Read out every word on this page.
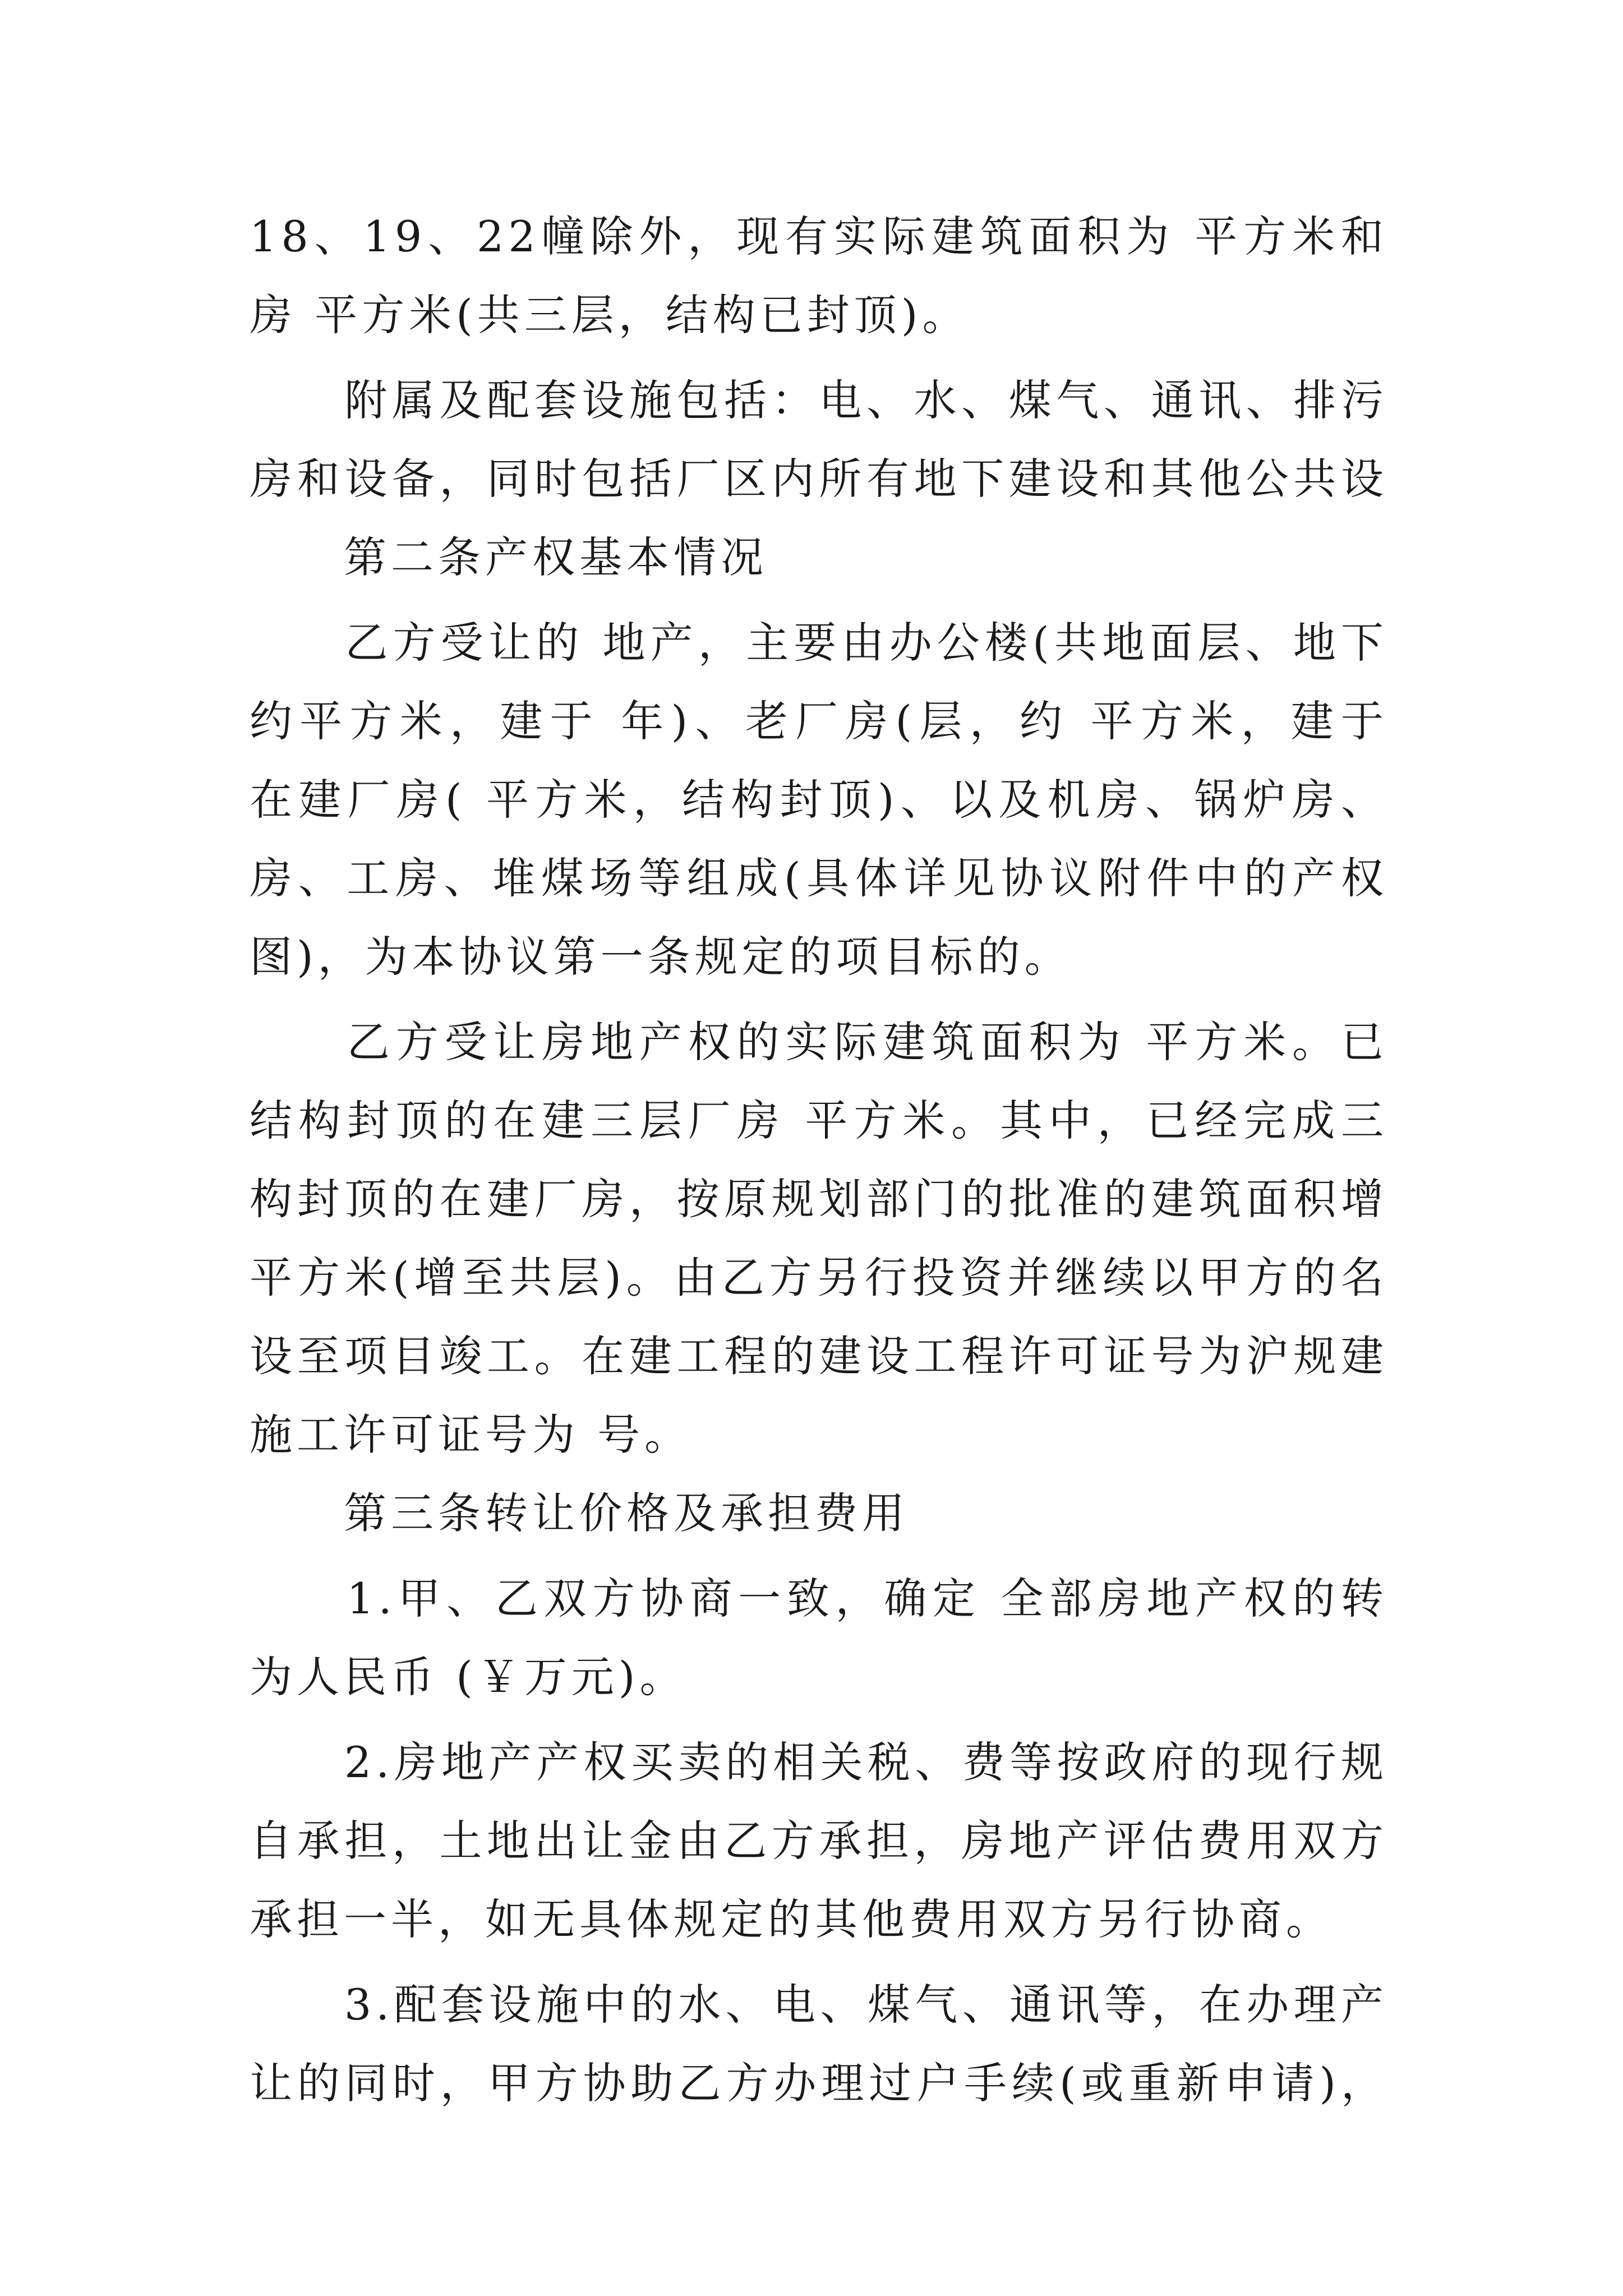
18、19、22幢除外，现有实际建筑面积为 平方米和
房 平方米(共三层，结构已封顶)。
　　附属及配套设施包括：电、水、煤气、通讯、排污
房和设备，同时包括厂区内所有地下建设和其他公共设
　　第二条产权基本情况
　　乙方受让的 地产，主要由办公楼(共地面层、地下
约平方米，建于 年)、老厂房(层，约 平方米，建于
在建厂房( 平方米，结构封顶)、以及机房、锅炉房、
房、工房、堆煤场等组成(具体详见协议附件中的产权
图)，为本协议第一条规定的项目标的。
　　乙方受让房地产权的实际建筑面积为 平方米。已
结构封顶的在建三层厂房 平方米。其中，已经完成三
构封顶的在建厂房，按原规划部门的批准的建筑面积增
平方米(增至共层)。由乙方另行投资并继续以甲方的名
设至项目竣工。在建工程的建设工程许可证号为沪规建
施工许可证号为 号。
　　第三条转让价格及承担费用
　　1.甲、乙双方协商一致，确定 全部房地产权的转
为人民币 (￥万元)。
　　2.房地产产权买卖的相关税、费等按政府的现行规
自承担，土地出让金由乙方承担，房地产评估费用双方
承担一半，如无具体规定的其他费用双方另行协商。
　　3.配套设施中的水、电、煤气、通讯等，在办理产
让的同时，甲方协助乙方办理过户手续(或重新申请)，
